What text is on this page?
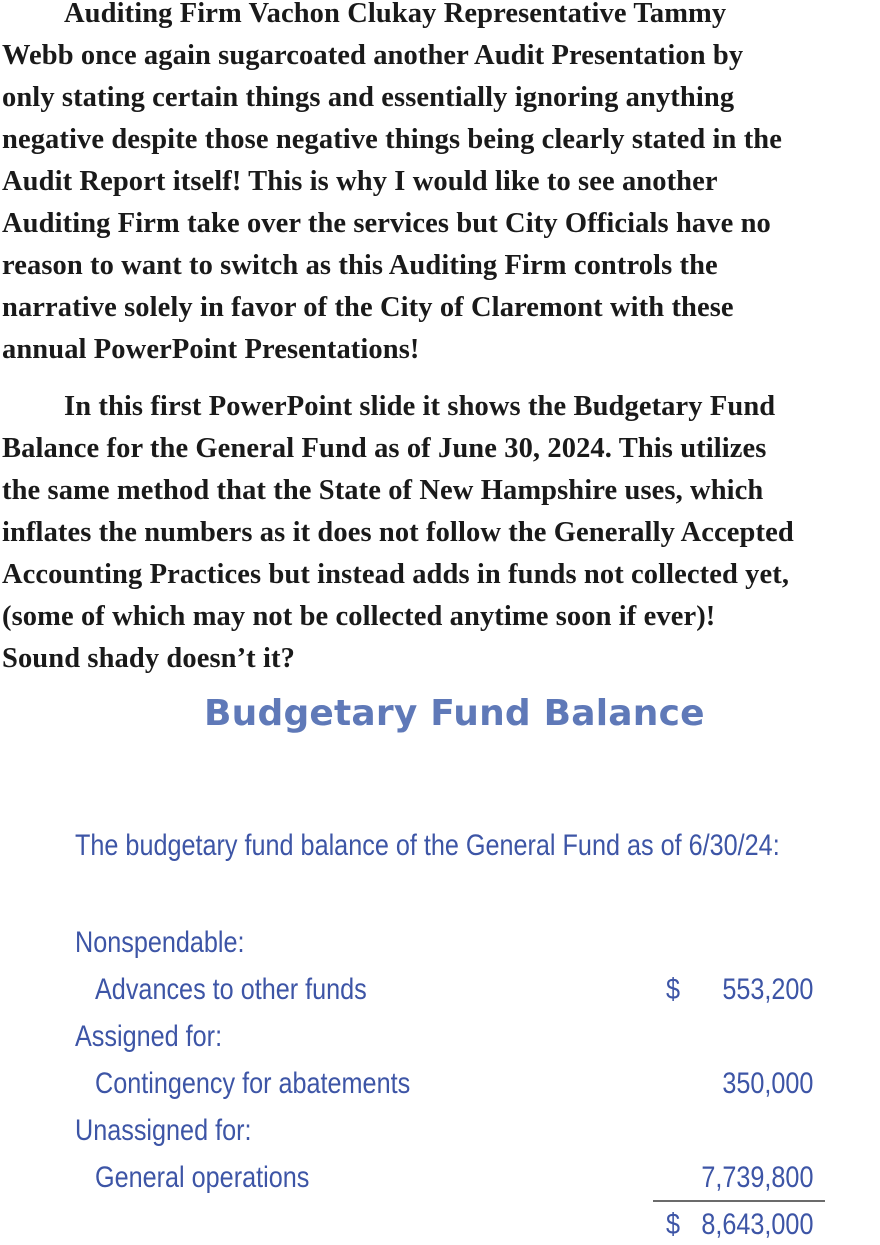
Auditing Firm Vachon Clukay Representative Tammy
Webb once again sugarcoated another Audit Presentation by
only stating certain things and essentially ignoring anything
negative despite those negative things being clearly stated in the
Audit Report itself! This is why I would like to see another
Auditing Firm take over the services but City Officials have no
reason to want to switch as this Auditing Firm controls the
narrative solely in favor of the City of Claremont with these
annual PowerPoint Presentations!
In this first PowerPoint slide it shows the Budgetary Fund
Balance for the General Fund as of June 30, 2024. This utilizes
the same method that the State of New Hampshire uses, which
inflates the numbers as it does not follow the Generally Accepted
Accounting Practices but instead adds in funds not collected yet,
(some of which may not be collected anytime soon if ever)!
Sound shady doesn’t it?
Budgetary Fund Balance
The budgetary fund balance of the General Fund as of 6/30/24:
Nonspendable:
Advances to other funds	$ 553,200
Assigned for:
Contingency for abatements	350,000
Unassigned for:
General operations	7,739,800
$ 8,643,000
